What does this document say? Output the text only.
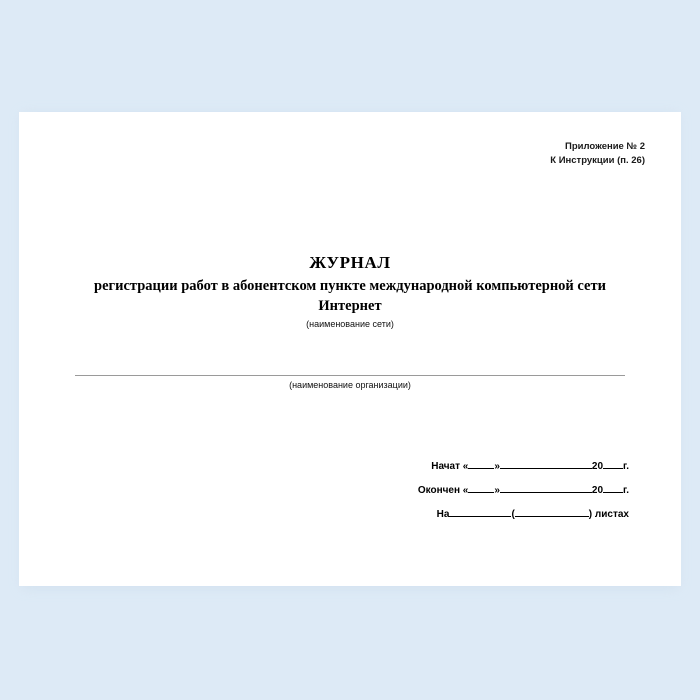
Приложение № 2
К Инструкции (п. 26)
ЖУРНАЛ
регистрации работ в абонентском пункте международной компьютерной сети Интернет
(наименование сети)
(наименование организации)
Начат «	»	20 г.
Окончен «	»	20 г.
На	(	) листах
